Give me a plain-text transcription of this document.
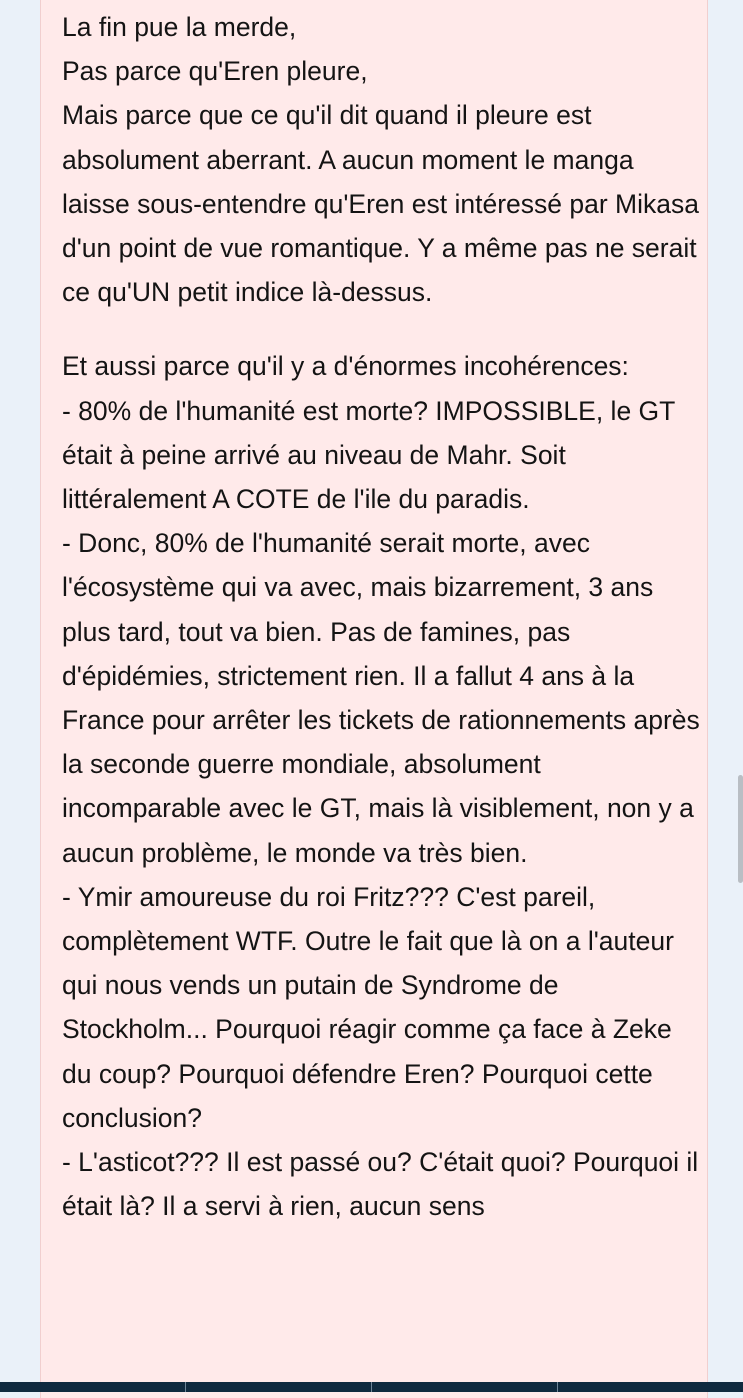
La fin pue la merde,
Pas parce qu'Eren pleure,
Mais parce que ce qu'il dit quand il pleure est absolument aberrant. A aucun moment le manga laisse sous-entendre qu'Eren est intéressé par Mikasa d'un point de vue romantique. Y a même pas ne serait ce qu'UN petit indice là-dessus.

Et aussi parce qu'il y a d'énormes incohérences:
- 80% de l'humanité est morte? IMPOSSIBLE, le GT était à peine arrivé au niveau de Mahr. Soit littéralement A COTE de l'ile du paradis.
- Donc, 80% de l'humanité serait morte, avec l'écosystème qui va avec, mais bizarrement, 3 ans plus tard, tout va bien. Pas de famines, pas d'épidémies, strictement rien. Il a fallut 4 ans à la France pour arrêter les tickets de rationnements après la seconde guerre mondiale, absolument incomparable avec le GT, mais là visiblement, non y a aucun problème, le monde va très bien.
- Ymir amoureuse du roi Fritz??? C'est pareil, complètement WTF. Outre le fait que là on a l'auteur qui nous vends un putain de Syndrome de Stockholm... Pourquoi réagir comme ça face à Zeke du coup? Pourquoi défendre Eren? Pourquoi cette conclusion?
- L'asticot??? Il est passé ou? C'était quoi? Pourquoi il était là? Il a servi à rien, aucun sens
